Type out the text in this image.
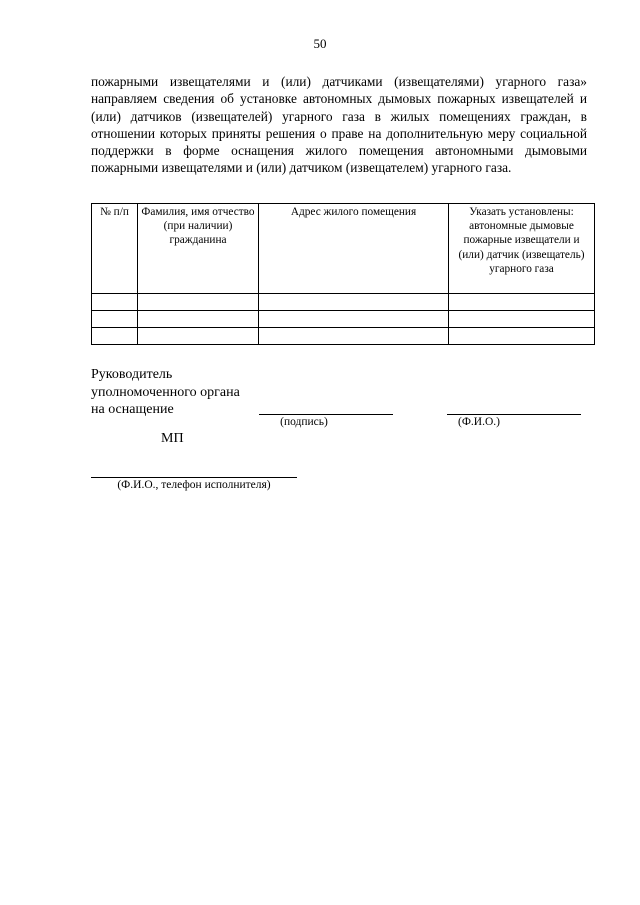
50
пожарными извещателями и (или) датчиками (извещателями) угарного газа» направляем сведения об установке автономных дымовых пожарных извещателей и (или) датчиков (извещателей) угарного газа в жилых помещениях граждан, в отношении которых приняты решения о праве на дополнительную меру социальной поддержки в форме оснащения жилого помещения автономными дымовыми пожарными извещателями и (или) датчиком (извещателем) угарного газа.
№ п/п	Фамилия, имя отчество (при наличии) гражданина	Адрес жилого помещения	Указать установлены: автономные дымовые пожарные извещатели и (или) датчик (извещатель) угарного газа

Руководитель
уполномоченного органа
на оснащение
(подпись)	(Ф.И.О.)
МП
(Ф.И.О., телефон исполнителя)
